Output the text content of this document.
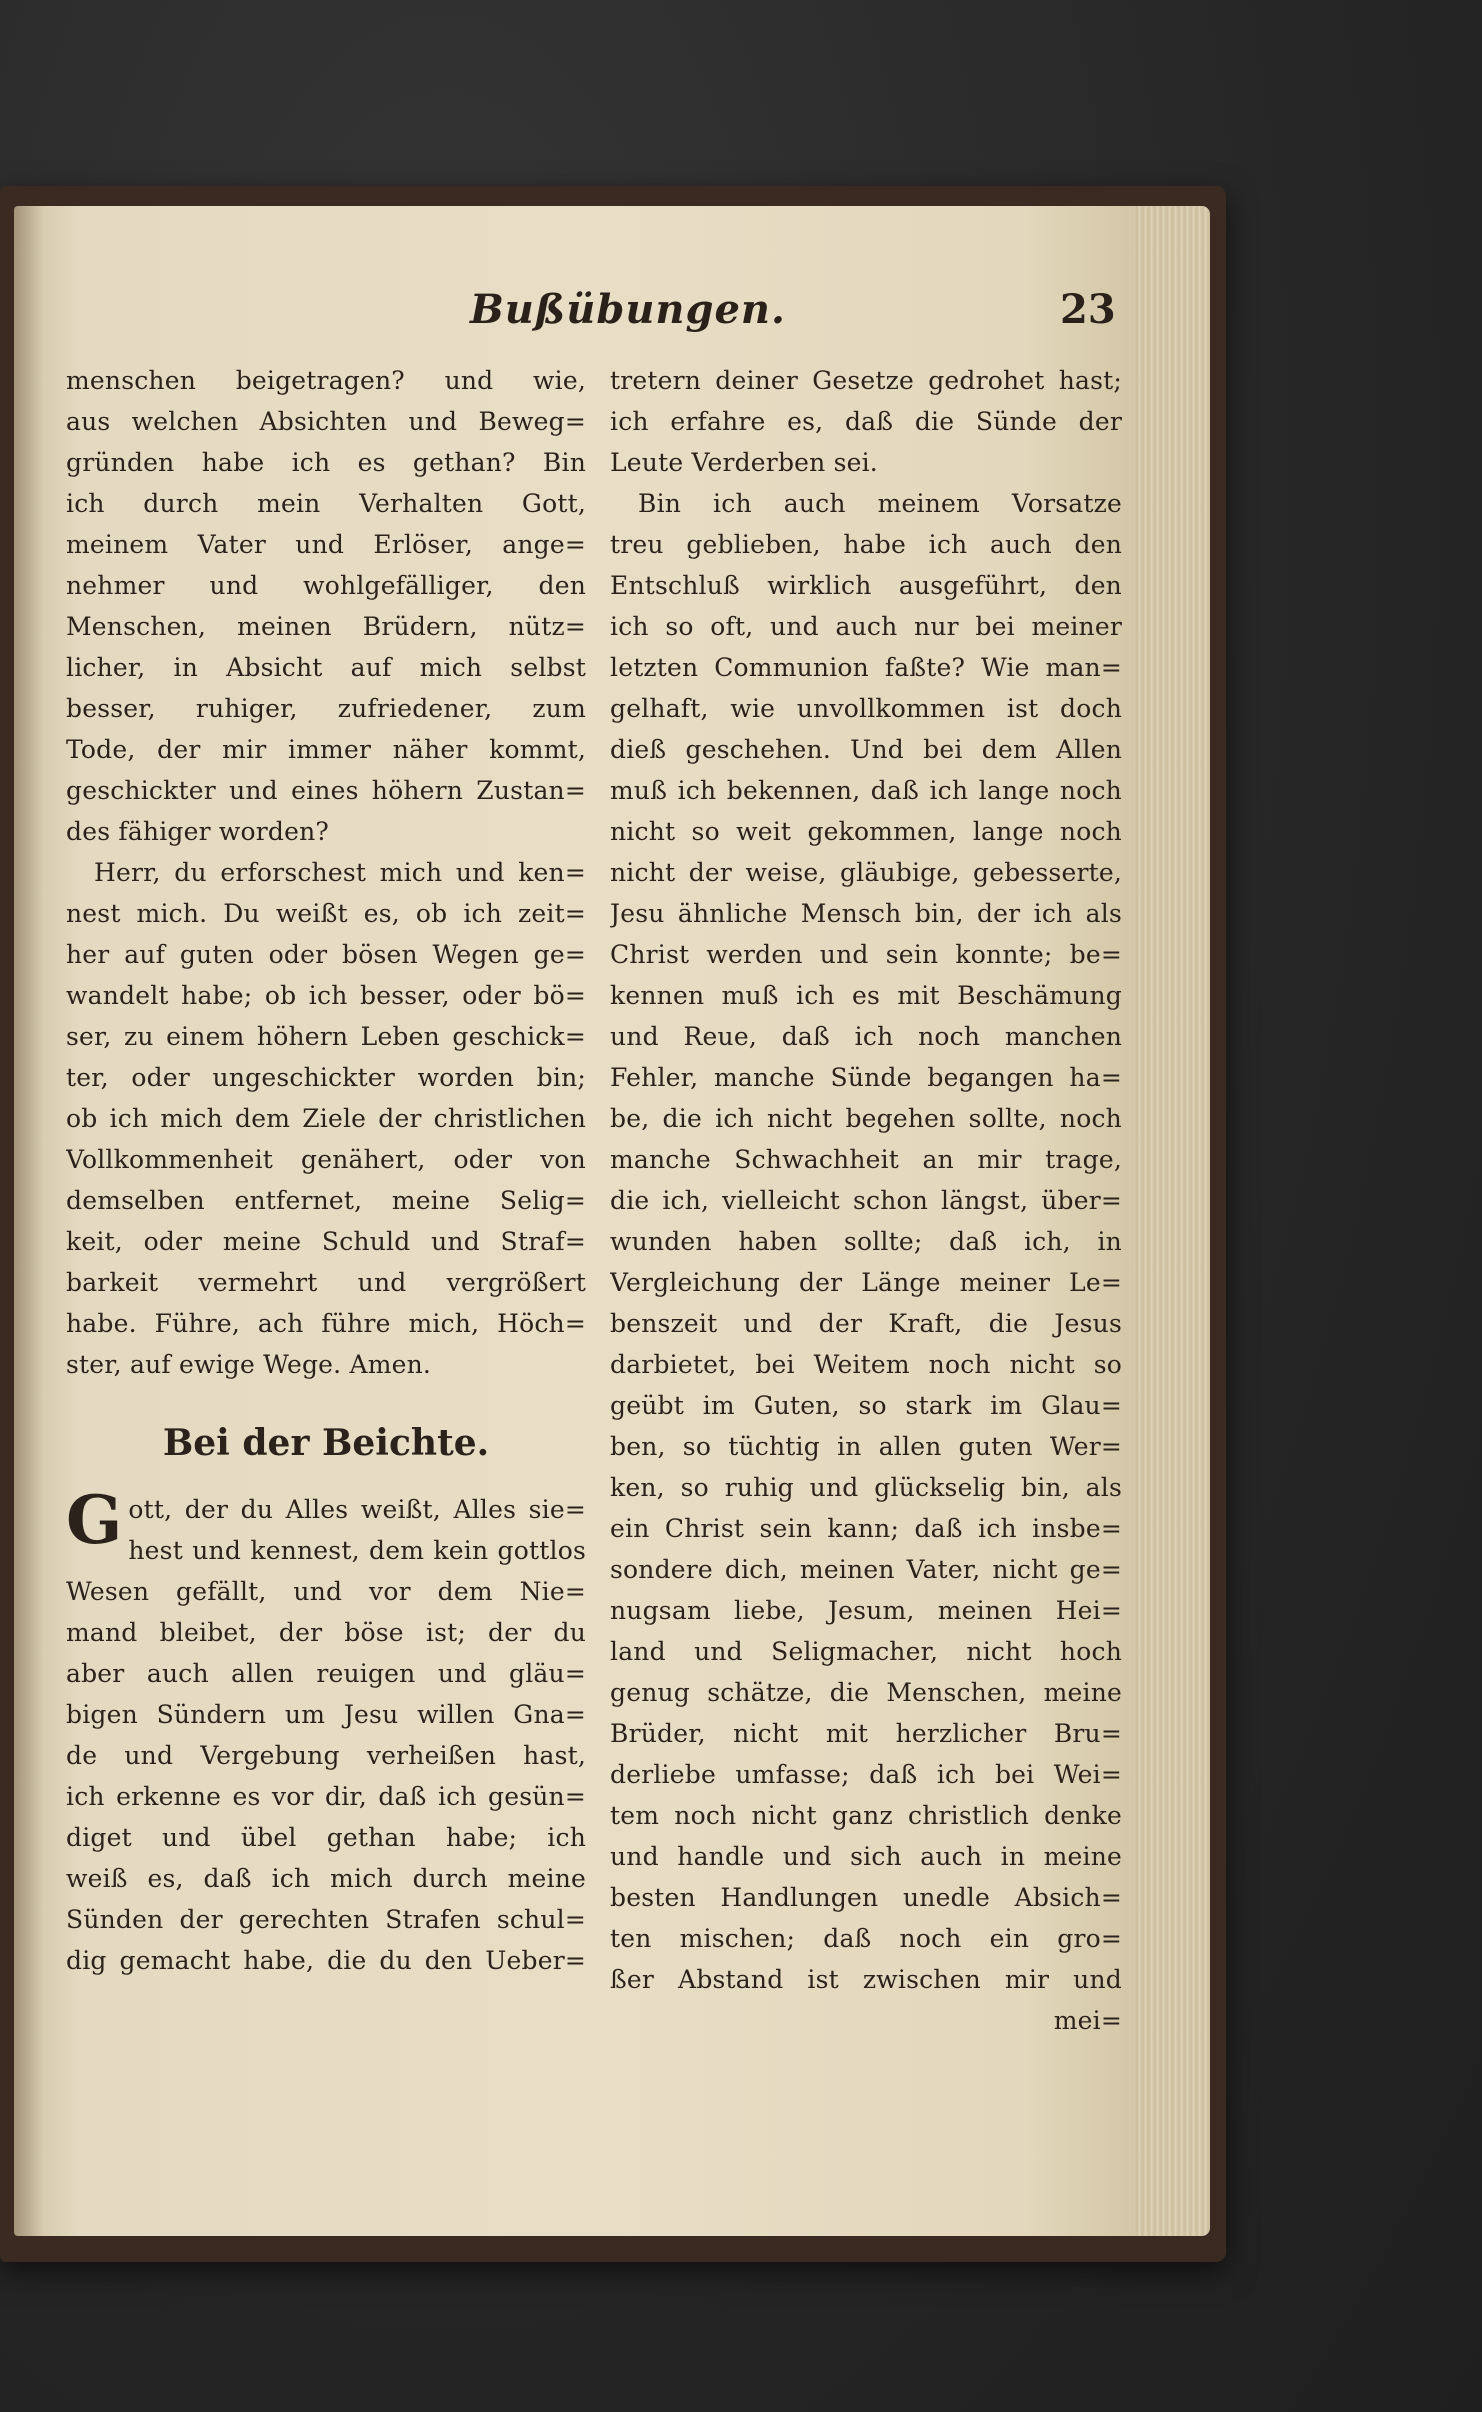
Bußübungen.	23
menschen beigetragen? und wie,
aus welchen Absichten und Beweg=
gründen habe ich es gethan? Bin
ich durch mein Verhalten Gott,
meinem Vater und Erlöser, ange=
nehmer und wohlgefälliger, den
Menschen, meinen Brüdern, nütz=
licher, in Absicht auf mich selbst
besser, ruhiger, zufriedener, zum
Tode, der mir immer näher kommt,
geschickter und eines höhern Zustan=
des fähiger worden?
Herr, du erforschest mich und ken=
nest mich. Du weißt es, ob ich zeit=
her auf guten oder bösen Wegen ge=
wandelt habe; ob ich besser, oder bö=
ser, zu einem höhern Leben geschick=
ter, oder ungeschickter worden bin;
ob ich mich dem Ziele der christlichen
Vollkommenheit genähert, oder von
demselben entfernet, meine Selig=
keit, oder meine Schuld und Straf=
barkeit vermehrt und vergrößert
habe. Führe, ach führe mich, Höch=
ster, auf ewige Wege. Amen.
Bei der Beichte.
G ott, der du Alles weißt, Alles sie=
hest und kennest, dem kein gottlos
Wesen gefällt, und vor dem Nie=
mand bleibet, der böse ist; der du
aber auch allen reuigen und gläu=
bigen Sündern um Jesu willen Gna=
de und Vergebung verheißen hast,
ich erkenne es vor dir, daß ich gesün=
diget und übel gethan habe; ich
weiß es, daß ich mich durch meine
Sünden der gerechten Strafen schul=
dig gemacht habe, die du den Ueber=
tretern deiner Gesetze gedrohet hast;
ich erfahre es, daß die Sünde der
Leute Verderben sei.
Bin ich auch meinem Vorsatze
treu geblieben, habe ich auch den
Entschluß wirklich ausgeführt, den
ich so oft, und auch nur bei meiner
letzten Communion faßte? Wie man=
gelhaft, wie unvollkommen ist doch
dieß geschehen. Und bei dem Allen
muß ich bekennen, daß ich lange noch
nicht so weit gekommen, lange noch
nicht der weise, gläubige, gebesserte,
Jesu ähnliche Mensch bin, der ich als
Christ werden und sein konnte; be=
kennen muß ich es mit Beschämung
und Reue, daß ich noch manchen
Fehler, manche Sünde begangen ha=
be, die ich nicht begehen sollte, noch
manche Schwachheit an mir trage,
die ich, vielleicht schon längst, über=
wunden haben sollte; daß ich, in
Vergleichung der Länge meiner Le=
benszeit und der Kraft, die Jesus
darbietet, bei Weitem noch nicht so
geübt im Guten, so stark im Glau=
ben, so tüchtig in allen guten Wer=
ken, so ruhig und glückselig bin, als
ein Christ sein kann; daß ich insbe=
sondere dich, meinen Vater, nicht ge=
nugsam liebe, Jesum, meinen Hei=
land und Seligmacher, nicht hoch
genug schätze, die Menschen, meine
Brüder, nicht mit herzlicher Bru=
derliebe umfasse; daß ich bei Wei=
tem noch nicht ganz christlich denke
und handle und sich auch in meine
besten Handlungen unedle Absich=
ten mischen; daß noch ein gro=
ßer Abstand ist zwischen mir und
mei=
